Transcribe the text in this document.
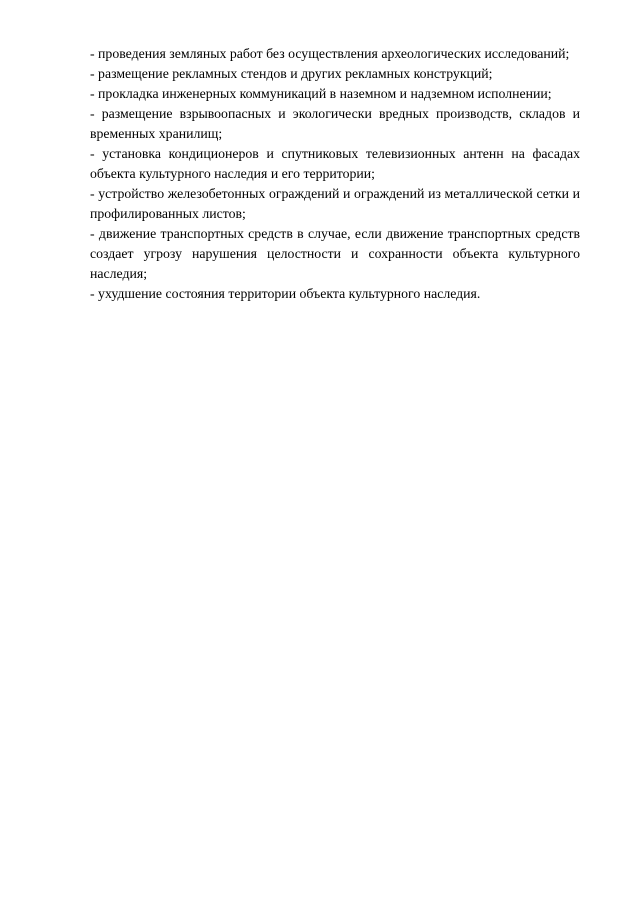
- проведения земляных работ без осуществления археологических исследований;

- размещение рекламных стендов и других рекламных конструкций;

- прокладка инженерных коммуникаций в наземном и надземном исполнении;

- размещение взрывоопасных и экологически вредных производств, складов и временных хранилищ;

- установка кондиционеров и спутниковых телевизионных антенн на фасадах объекта культурного наследия и его территории;

- устройство железобетонных ограждений и ограждений из металлической сетки и профилированных листов;

- движение транспортных средств в случае, если движение транспортных средств создает угрозу нарушения целостности и сохранности объекта культурного наследия;

- ухудшение состояния территории объекта культурного наследия.
